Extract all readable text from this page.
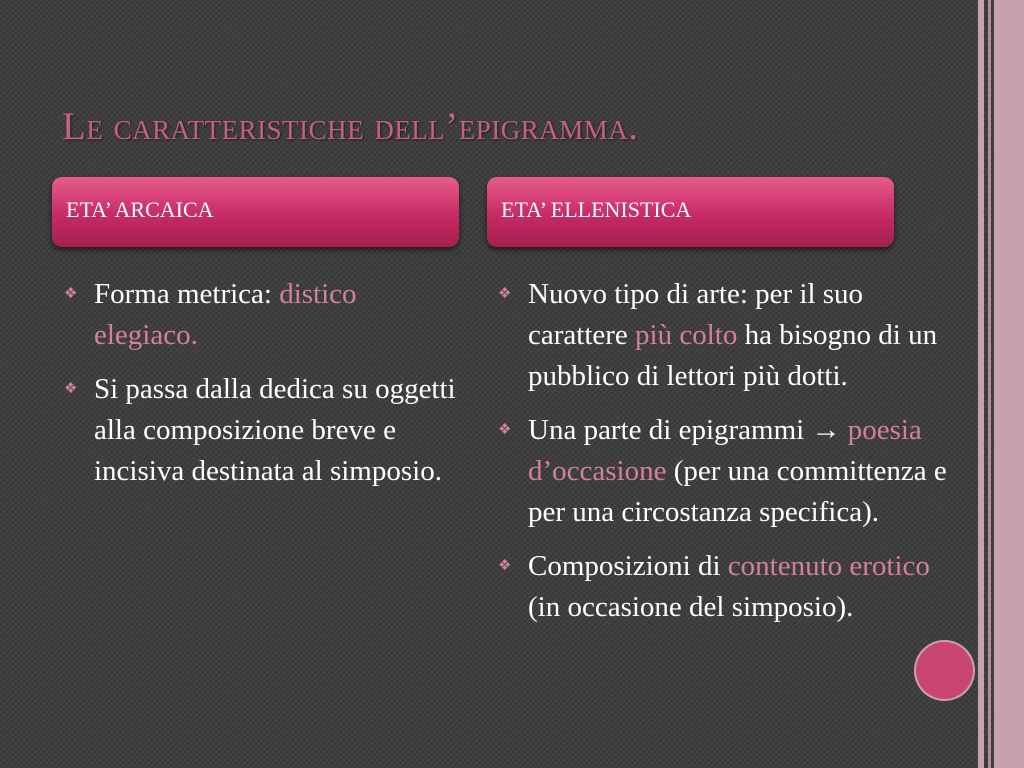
Le caratteristiche dell’epigramma.
ETA’ ARCAICA	ETA’ ELLENISTICA
❖ Forma metrica: distico elegiaco.
❖ Si passa dalla dedica su oggetti alla composizione breve e incisiva destinata al simposio.
❖ Nuovo tipo di arte: per il suo carattere più colto ha bisogno di un pubblico di lettori più dotti.
❖ Una parte di epigrammi → poesia d’occasione (per una committenza e per una circostanza specifica).
❖ Composizioni di contenuto erotico (in occasione del simposio).
